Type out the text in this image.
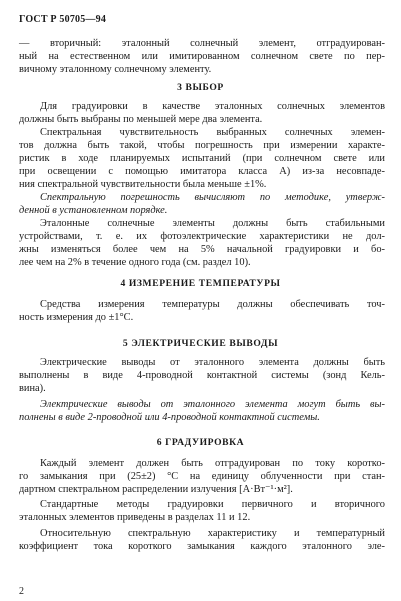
ГОСТ Р 50705—94
— вторичный: эталонный солнечный элемент, отградуирован-
ный на естественном или имитированном солнечном свете по пер-
вичному эталонному солнечному элементу.
3 ВЫБОР
Для градуировки в качестве эталонных солнечных элементов
должны быть выбраны по меньшей мере два элемента.
Спектральная чувствительность выбранных солнечных элемен-
тов должна быть такой, чтобы погрешность при измерении характе-
ристик в ходе планируемых испытаний (при солнечном свете или
при освещении с помощью имитатора класса А) из-за несовпаде-
ния спектральной чувствительности была меньше ±1%.
Спектральную погрешность вычисляют по методике, утверж-
денной в установленном порядке.
Эталонные солнечные элементы должны быть стабильными
устройствами, т. е. их фотоэлектрические характеристики не дол-
жны изменяться более чем на 5% начальной градуировки и бо-
лее чем на 2% в течение одного года (см. раздел 10).
4 ИЗМЕРЕНИЕ ТЕМПЕРАТУРЫ
Средства измерения температуры должны обеспечивать точ-
ность измерения до ±1°С.
5 ЭЛЕКТРИЧЕСКИЕ ВЫВОДЫ
Электрические выводы от эталонного элемента должны быть
выполнены в виде 4-проводной контактной системы (зонд Кель-
вина).
Электрические выводы от эталонного элемента могут быть вы-
полнены в виде 2-проводной или 4-проводной контактной системы.
6 ГРАДУИРОВКА
Каждый элемент должен быть отградуирован по току коротко-
го замыкания при (25±2) °С на единицу облученности при стан-
дартном спектральном распределении излучения [А·Вт⁻¹·м²].
Стандартные методы градуировки первичного и вторичного
эталонных элементов приведены в разделах 11 и 12.
Относительную спектральную характеристику и температурный
коэффициент тока короткого замыкания каждого эталонного эле-
2
